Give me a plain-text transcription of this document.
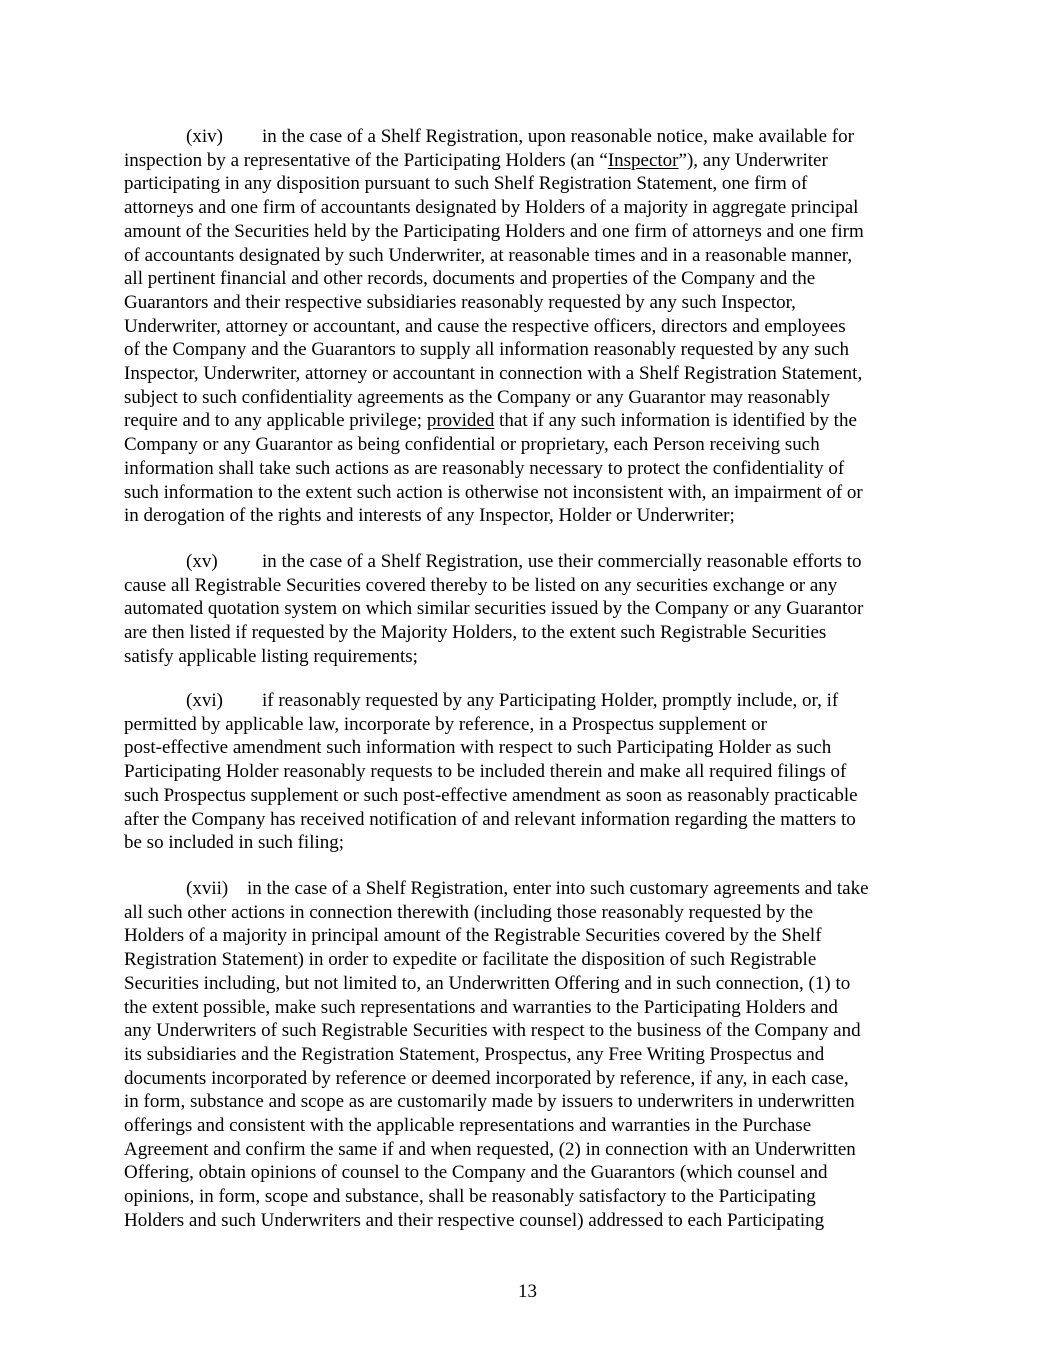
(xiv) in the case of a Shelf Registration, upon reasonable notice, make available for
inspection by a representative of the Participating Holders (an “Inspector”), any Underwriter
participating in any disposition pursuant to such Shelf Registration Statement, one firm of
attorneys and one firm of accountants designated by Holders of a majority in aggregate principal
amount of the Securities held by the Participating Holders and one firm of attorneys and one firm
of accountants designated by such Underwriter, at reasonable times and in a reasonable manner,
all pertinent financial and other records, documents and properties of the Company and the
Guarantors and their respective subsidiaries reasonably requested by any such Inspector,
Underwriter, attorney or accountant, and cause the respective officers, directors and employees
of the Company and the Guarantors to supply all information reasonably requested by any such
Inspector, Underwriter, attorney or accountant in connection with a Shelf Registration Statement,
subject to such confidentiality agreements as the Company or any Guarantor may reasonably
require and to any applicable privilege; provided that if any such information is identified by the
Company or any Guarantor as being confidential or proprietary, each Person receiving such
information shall take such actions as are reasonably necessary to protect the confidentiality of
such information to the extent such action is otherwise not inconsistent with, an impairment of or
in derogation of the rights and interests of any Inspector, Holder or Underwriter;
(xv) in the case of a Shelf Registration, use their commercially reasonable efforts to
cause all Registrable Securities covered thereby to be listed on any securities exchange or any
automated quotation system on which similar securities issued by the Company or any Guarantor
are then listed if requested by the Majority Holders, to the extent such Registrable Securities
satisfy applicable listing requirements;
(xvi) if reasonably requested by any Participating Holder, promptly include, or, if
permitted by applicable law, incorporate by reference, in a Prospectus supplement or
post-effective amendment such information with respect to such Participating Holder as such
Participating Holder reasonably requests to be included therein and make all required filings of
such Prospectus supplement or such post-effective amendment as soon as reasonably practicable
after the Company has received notification of and relevant information regarding the matters to
be so included in such filing;
(xvii) in the case of a Shelf Registration, enter into such customary agreements and take
all such other actions in connection therewith (including those reasonably requested by the
Holders of a majority in principal amount of the Registrable Securities covered by the Shelf
Registration Statement) in order to expedite or facilitate the disposition of such Registrable
Securities including, but not limited to, an Underwritten Offering and in such connection, (1) to
the extent possible, make such representations and warranties to the Participating Holders and
any Underwriters of such Registrable Securities with respect to the business of the Company and
its subsidiaries and the Registration Statement, Prospectus, any Free Writing Prospectus and
documents incorporated by reference or deemed incorporated by reference, if any, in each case,
in form, substance and scope as are customarily made by issuers to underwriters in underwritten
offerings and consistent with the applicable representations and warranties in the Purchase
Agreement and confirm the same if and when requested, (2) in connection with an Underwritten
Offering, obtain opinions of counsel to the Company and the Guarantors (which counsel and
opinions, in form, scope and substance, shall be reasonably satisfactory to the Participating
Holders and such Underwriters and their respective counsel) addressed to each Participating
13
